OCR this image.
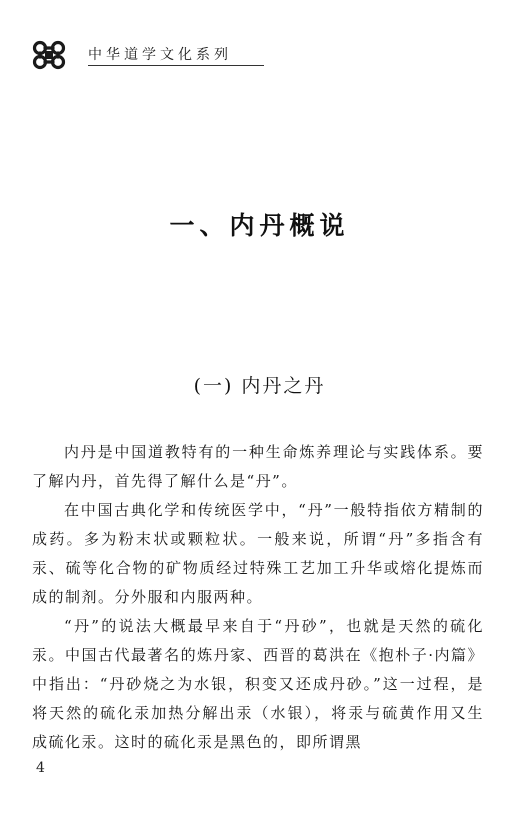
中华道学文化系列
一、内丹概说
(一) 内丹之丹

内丹是中国道教特有的一种生命炼养理论与实践体系。要了解内丹，首先得了解什么是“丹”。

在中国古典化学和传统医学中，“丹”一般特指依方精制的成药。多为粉末状或颗粒状。一般来说，所谓“丹”多指含有汞、硫等化合物的矿物质经过特殊工艺加工升华或熔化提炼而成的制剂。分外服和内服两种。

“丹”的说法大概最早来自于“丹砂”，也就是天然的硫化汞。中国古代最著名的炼丹家、西晋的葛洪在《抱朴子·内篇》中指出：“丹砂烧之为水银，积变又还成丹砂。”这一过程，是将天然的硫化汞加热分解出汞（水银），将汞与硫黄作用又生成硫化汞。这时的硫化汞是黑色的，即所谓黑

4
